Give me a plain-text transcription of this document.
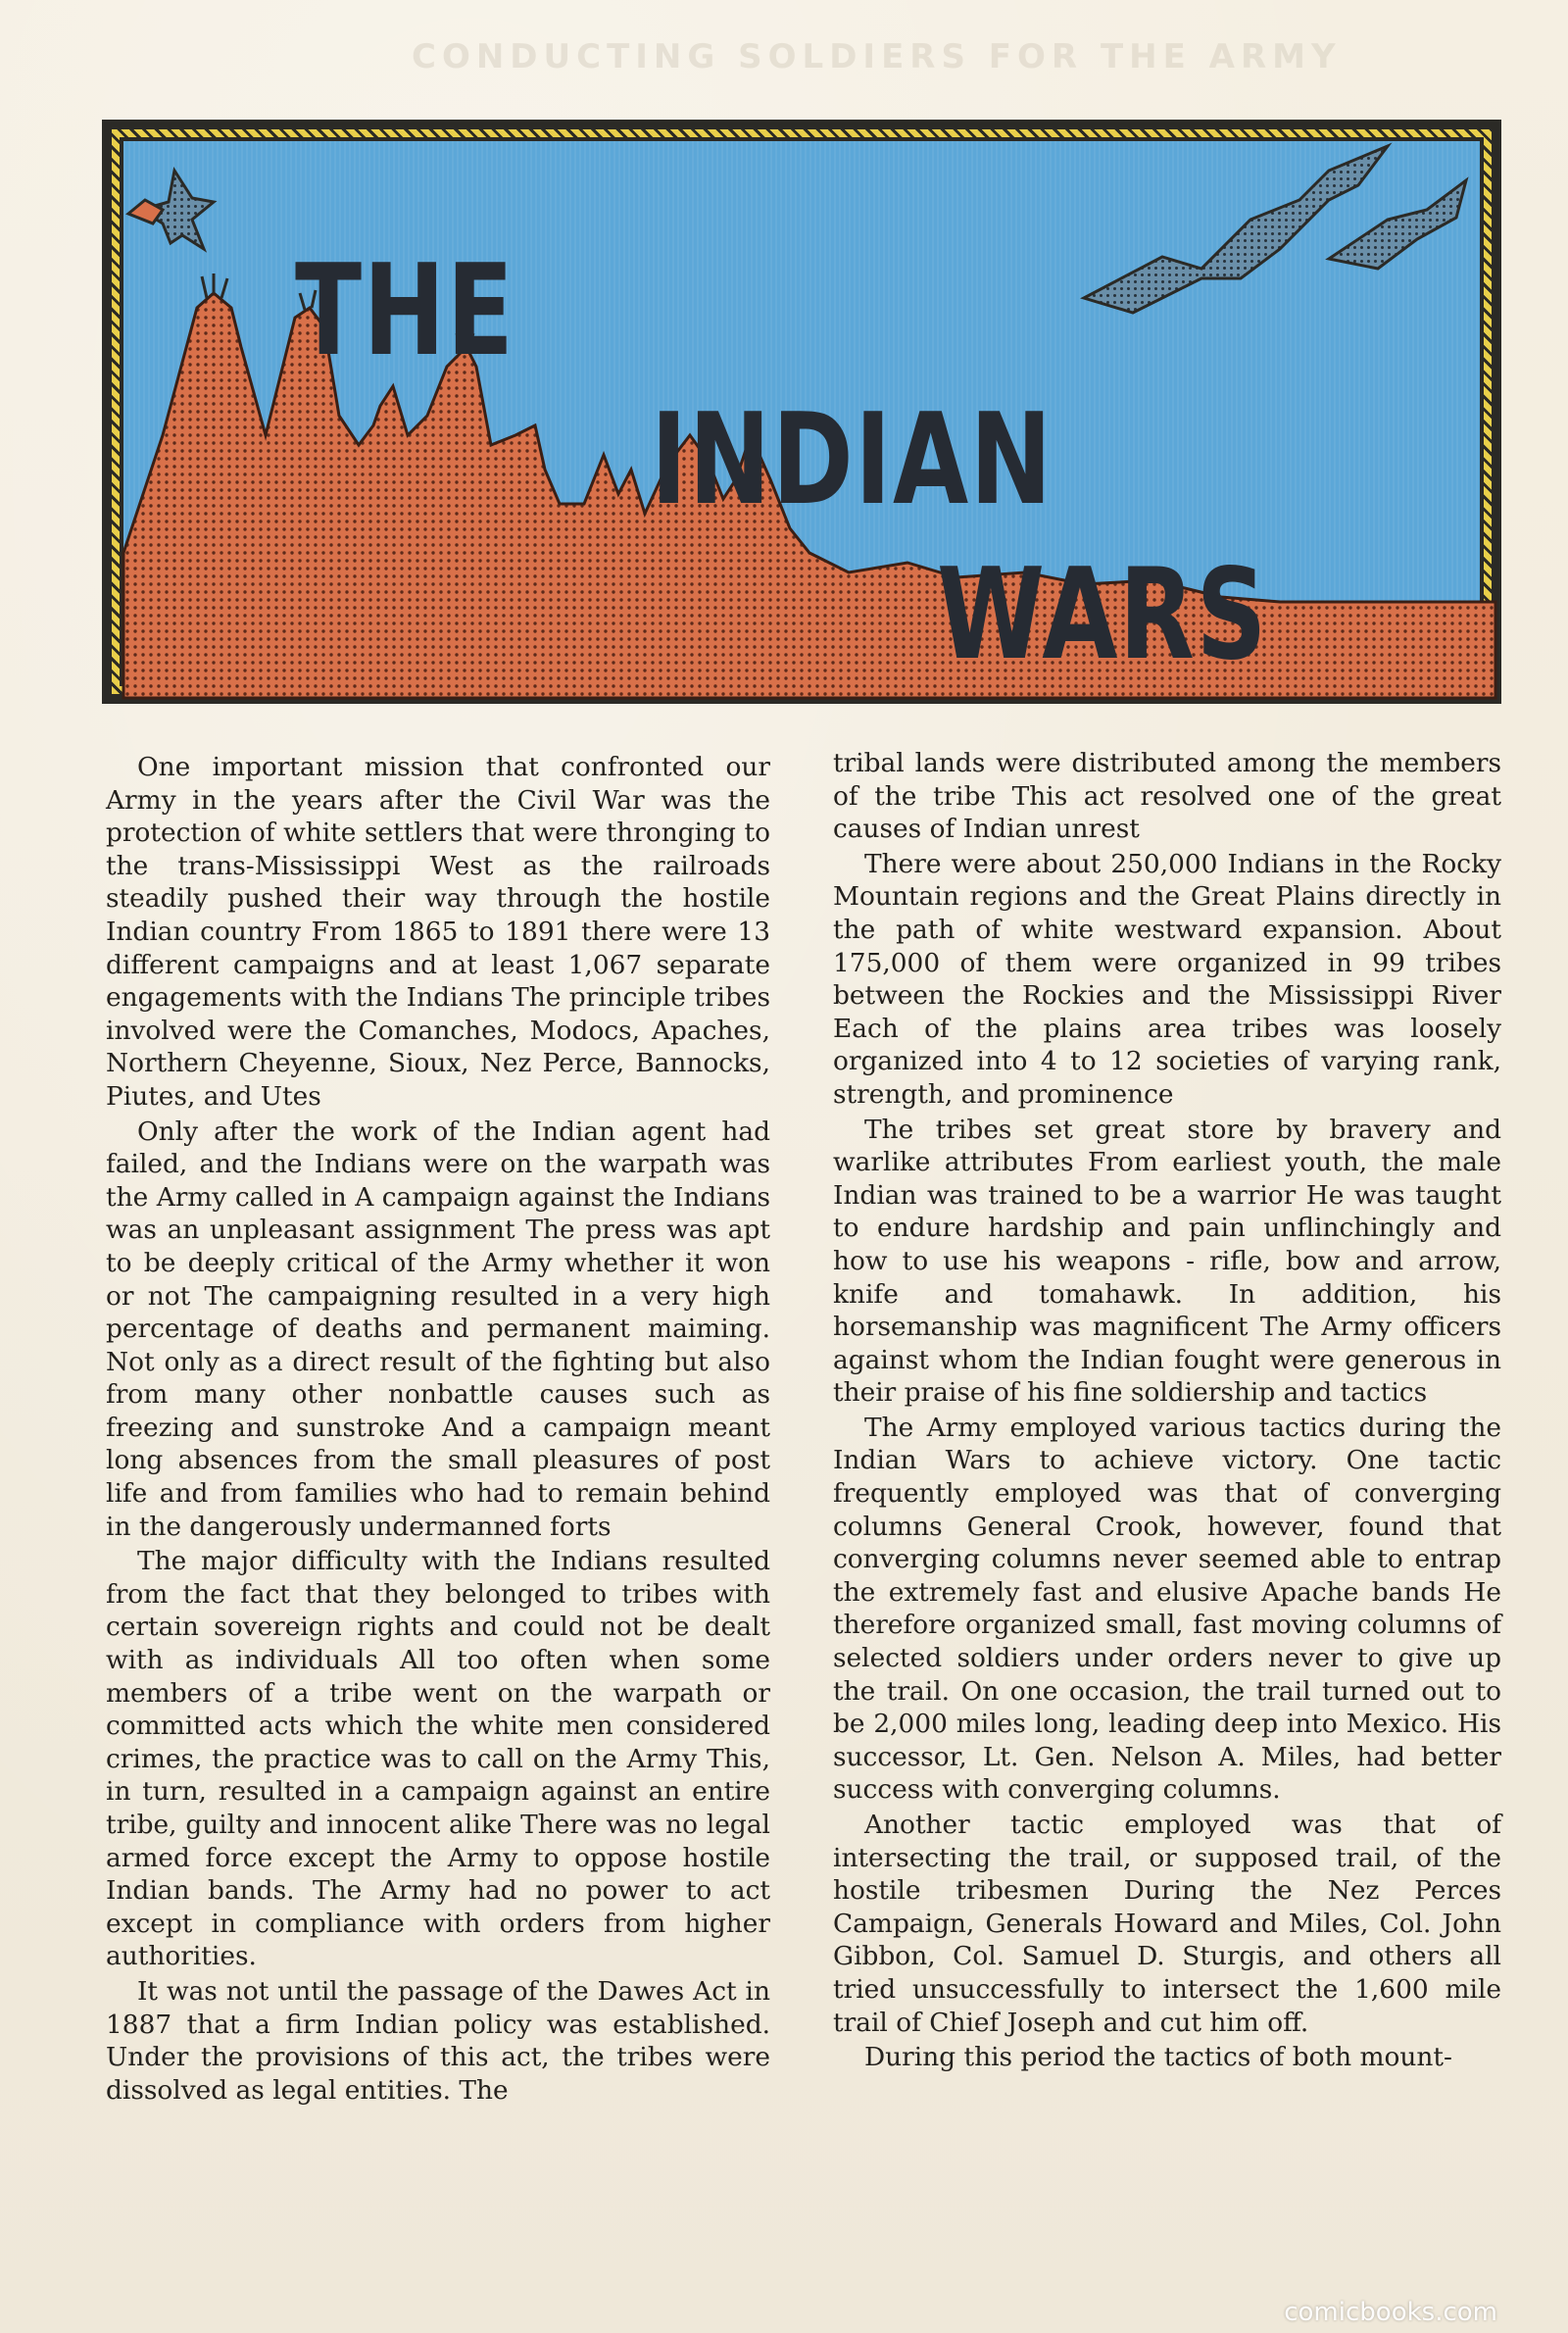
CONDUCTING SOLDIERS FOR THE ARMY
THE
INDIAN
WARS

One important mission that confronted our Army in the years after the Civil War was the protection of white settlers that were thronging to the trans-Mississippi West as the railroads steadily pushed their way through the hostile Indian country From 1865 to 1891 there were 13 different campaigns and at least 1,067 separate engagements with the Indians The principle tribes involved were the Comanches, Modocs, Apaches, Northern Cheyenne, Sioux, Nez Perce, Bannocks, Piutes, and Utes

Only after the work of the Indian agent had failed, and the Indians were on the warpath was the Army called in A campaign against the Indians was an unpleasant assignment The press was apt to be deeply critical of the Army whether it won or not The campaigning resulted in a very high percentage of deaths and permanent maiming. Not only as a direct result of the fighting but also from many other nonbattle causes such as freezing and sunstroke And a campaign meant long absences from the small pleasures of post life and from families who had to remain behind in the dangerously undermanned forts

The major difficulty with the Indians resulted from the fact that they belonged to tribes with certain sovereign rights and could not be dealt with as individuals All too often when some members of a tribe went on the warpath or committed acts which the white men considered crimes, the practice was to call on the Army This, in turn, resulted in a campaign against an entire tribe, guilty and innocent alike There was no legal armed force except the Army to oppose hostile Indian bands. The Army had no power to act except in compliance with orders from higher authorities.

It was not until the passage of the Dawes Act in 1887 that a firm Indian policy was established. Under the provisions of this act, the tribes were dissolved as legal entities. The

tribal lands were distributed among the members of the tribe This act resolved one of the great causes of Indian unrest

There were about 250,000 Indians in the Rocky Mountain regions and the Great Plains directly in the path of white westward expansion. About 175,000 of them were organized in 99 tribes between the Rockies and the Mississippi River Each of the plains area tribes was loosely organized into 4 to 12 societies of varying rank, strength, and prominence

The tribes set great store by bravery and warlike attributes From earliest youth, the male Indian was trained to be a warrior He was taught to endure hardship and pain unflinchingly and how to use his weapons - rifle, bow and arrow, knife and tomahawk. In addition, his horsemanship was magnificent The Army officers against whom the Indian fought were generous in their praise of his fine soldiership and tactics

The Army employed various tactics during the Indian Wars to achieve victory. One tactic frequently employed was that of converging columns General Crook, however, found that converging columns never seemed able to entrap the extremely fast and elusive Apache bands He therefore organized small, fast moving columns of selected soldiers under orders never to give up the trail. On one occasion, the trail turned out to be 2,000 miles long, leading deep into Mexico. His successor, Lt. Gen. Nelson A. Miles, had better success with converging columns.

Another tactic employed was that of intersecting the trail, or supposed trail, of the hostile tribesmen During the Nez Perces Campaign, Generals Howard and Miles, Col. John Gibbon, Col. Samuel D. Sturgis, and others all tried unsuccessfully to intersect the 1,600 mile trail of Chief Joseph and cut him off.

During this period the tactics of both mount-

comicbooks.com
